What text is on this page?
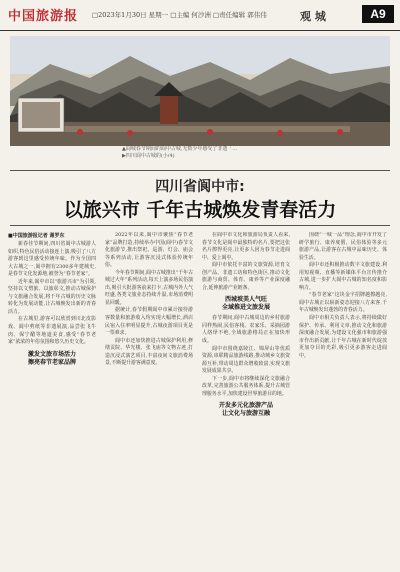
中国旅游报 □2023年1月30日 星期一 □主编 何沙洲 □责任编辑 郭伟伟	观 城	A9
▲阆城春节期间的阆中古城,无数少年感受了非遗「...
▶四川阆中古城的(小/4)
四川省阆中市:
以旅兴市 千年古城焕发青春活力
■中国旅游报记者 谢罗东

新春佳节期间,四川省阆中古城游人如织,特色民俗活动接连上演,吸引了八方游客到这里感受传统年味。作为全国四大古城之一,阆中拥有2300多年建城史,是春节文化发源地,被誉为“春节老家”。

近年来,阆中市以“旅游兴市”为引领,坚持以文塑旅、以旅彰文,推动古城保护与文旅融合发展,将千年古城的历史文脉转化为发展动能,让古城焕发出新的青春活力。

在古城里,游客可以欣赏到川北皮影戏、阆中剪纸等非遗展演,品尝张飞牛肉、保宁醋等地道美食,感受“春节老家”浓浓的年俗氛围和悠久历史文化。

激发文旅市场活力
擦亮春节老家品牌

2022年以来,阆中市聚焦“春节老家”品牌打造,持续举办中国(阆中)春节文化旅游节,推出祭祀、巡游、灯会、庙会等系列活动,让游客沉浸式体验传统年俗。

今年春节期间,阆中古城推出“千年古城过大年”系列活动,每天上演多场民俗演出,吸引大批游客前来打卡,古城内外人气旺盛,各类文旅业态持续升温,市场消费明显回暖。

据统计,春节假期阆中市累计接待游客数量和旅游收入均实现大幅增长,酒店民宿入住率明显提升,古城夜游项目更是一票难求。

阆中市还加快推进古城保护利用,修缮贡院、华光楼、张飞庙等文物古迹,打造沉浸式演艺项目,丰富夜间文旅消费场景,不断提升游客满意度。

在阆中市文化和旅游局负责人看来,春节文化是阆中最独特的名片,要把这张名片擦得更亮,让更多人因为春节走进阆中、爱上阆中。

阆中市依托丰富的文旅资源,培育文创产品、非遗工坊和特色街区,推动文化旅游与商贸、体育、康养等产业深度融合,延伸旅游产业链条。

西城坡美人气旺
全域推进文旅发展

春节期间,阆中古城周边的乡村旅游同样热闹,民俗客栈、农家乐、采摘园游人络绎不绝,全域旅游格局正在加快形成。

阆中市围绕嘉陵江、锦屏山等优质资源,串联精品旅游线路,推动城乡文旅资源互补,带动周边群众增收致富,实现文旅发展成果共享。

下一步,阆中市将继续深化文旅融合改革,完善旅游公共服务体系,提升古城管理服务水平,加快建设世界旅游目的地。

开发多元化旅游产品
让文化与旅游互融

围绕“一城一品”理念,阆中市开发了研学旅行、康养度假、民俗体验等多元旅游产品,让游客在古城中品味历史、体验生活。

阆中市还积极推动数字文旅建设,利用短视频、直播等新媒体平台宣传推介古城,进一步扩大阆中古城的知名度和影响力。

“春节老家”这块金字招牌越擦越亮,阆中古城正以崭新姿态迎接八方来客,千年古城焕发出蓬勃的青春活力。

阆中市相关负责人表示,将持续做好保护、传承、利用文章,推动文化和旅游深度融合发展,为建设文化强市和旅游强市作出新贡献,让千年古城在新时代绽放更加夺目的光彩,吸引更多游客走进阆中。
